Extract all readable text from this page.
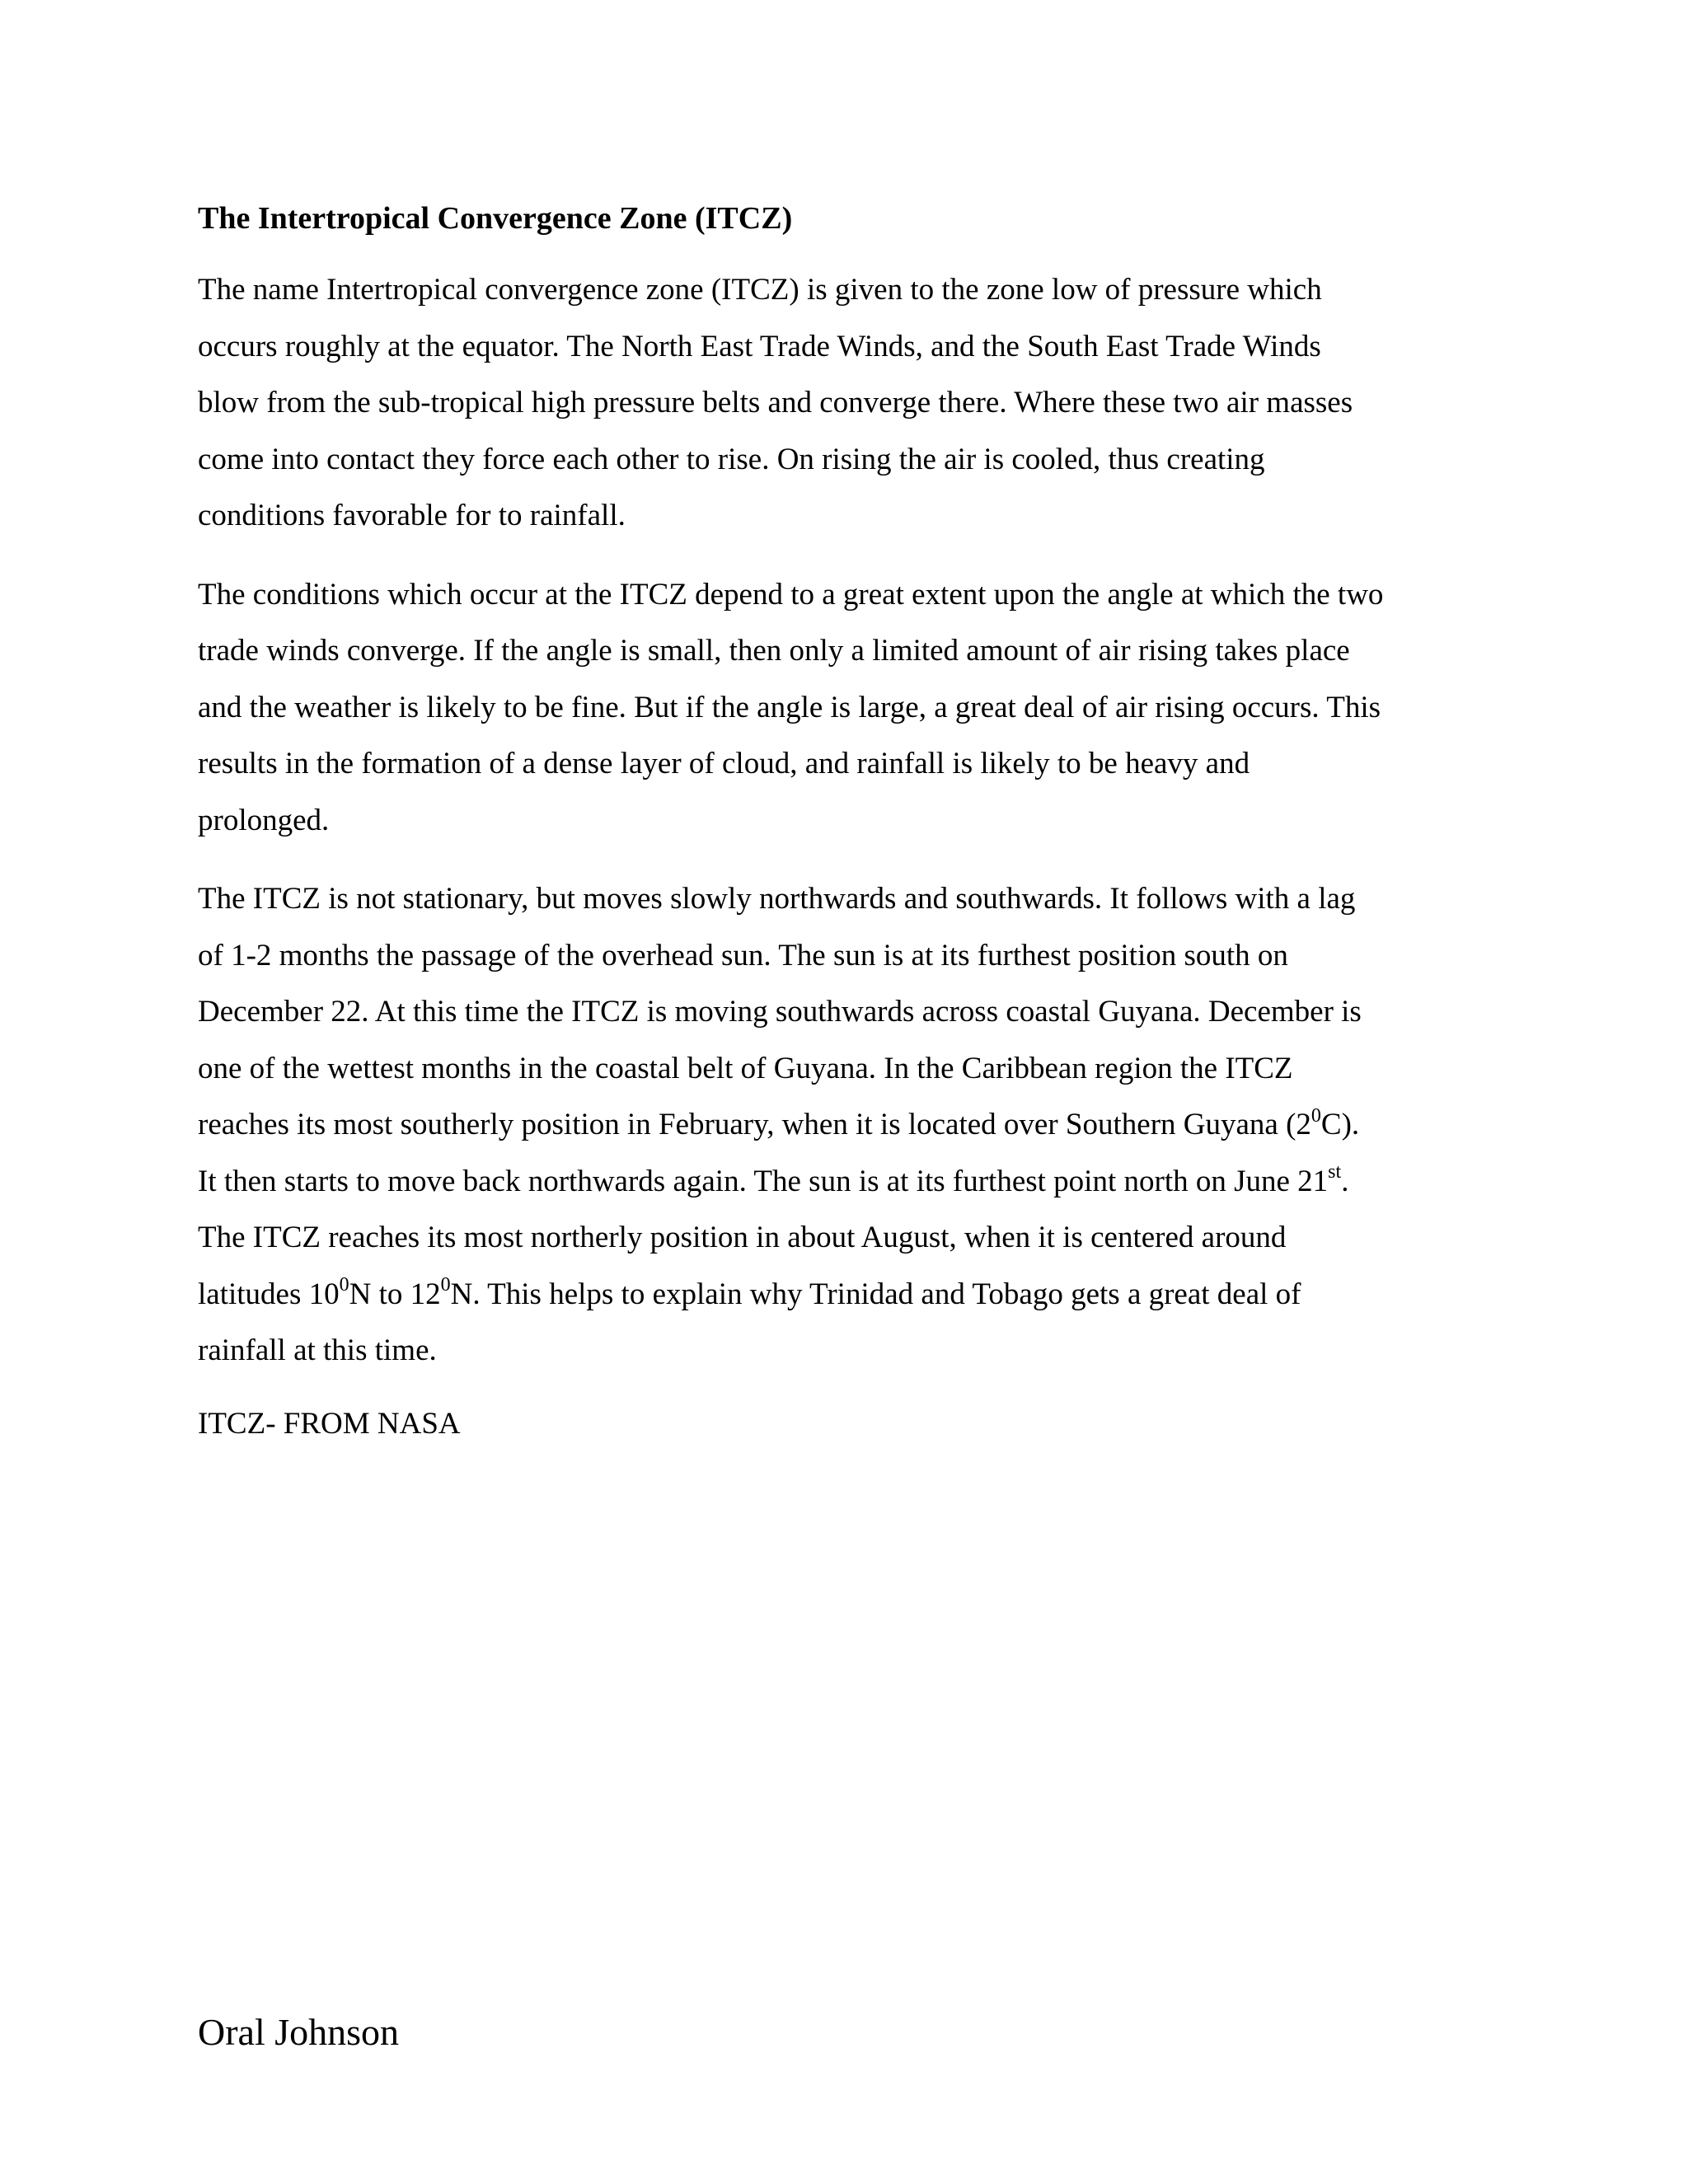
The Intertropical Convergence Zone (ITCZ)

The name Intertropical convergence zone (ITCZ) is given to the zone low of pressure which
occurs roughly at the equator. The North East Trade Winds, and the South East Trade Winds
blow from the sub-tropical high pressure belts and converge there. Where these two air masses
come into contact they force each other to rise. On rising the air is cooled, thus creating
conditions favorable for to rainfall.

The conditions which occur at the ITCZ depend to a great extent upon the angle at which the two
trade winds converge. If the angle is small, then only a limited amount of air rising takes place
and the weather is likely to be fine. But if the angle is large, a great deal of air rising occurs. This
results in the formation of a dense layer of cloud, and rainfall is likely to be heavy and
prolonged.

The ITCZ is not stationary, but moves slowly northwards and southwards. It follows with a lag
of 1-2 months the passage of the overhead sun. The sun is at its furthest position south on
December 22. At this time the ITCZ is moving southwards across coastal Guyana. December is
one of the wettest months in the coastal belt of Guyana. In the Caribbean region the ITCZ
reaches its most southerly position in February, when it is located over Southern Guyana $(2^0C)$.
It then starts to move back northwards again. The sun is at its furthest point north on June 21st.
The ITCZ reaches its most northerly position in about August, when it is centered around
latitudes $10^0N$ to $12^0N$. This helps to explain why Trinidad and Tobago gets a great deal of
rainfall at this time.

ITCZ- FROM NASA

Oral Johnson
